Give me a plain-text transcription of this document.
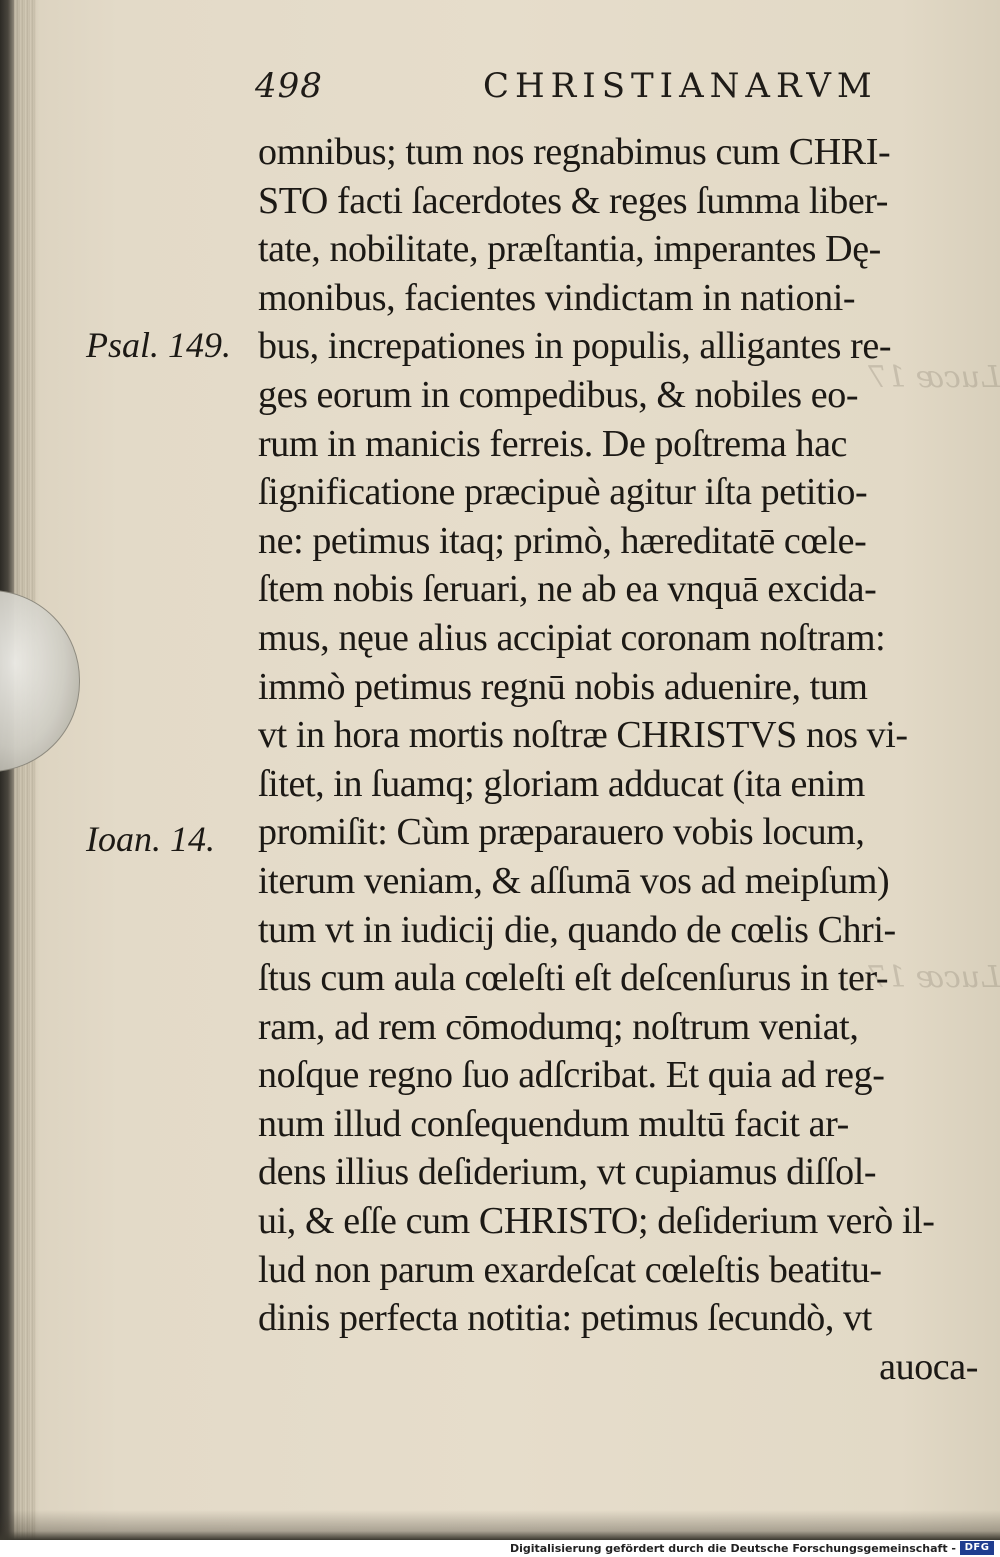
Lucæ 17
Lucæ 17
498	CHRISTIANARVM
Psal. 149.
Ioan. 14.
omnibus; tum nos regnabimus cum CHRI-
STO facti ſacerdotes & reges ſumma liber-
tate, nobilitate, præſtantia, imperantes Dę-
monibus, facientes vindictam in nationi-
bus, increpationes in populis, alligantes re-
ges eorum in compedibus, & nobiles eo-
rum in manicis ferreis. De poſtrema hac
ſignificatione præcipuè agitur iſta petitio-
ne: petimus itaq; primò, hæreditatē cœle-
ſtem nobis ſeruari, ne ab ea vnquā excida-
mus, nęue alius accipiat coronam noſtram:
immò petimus regnū nobis aduenire, tum
vt in hora mortis noſtræ CHRISTVS nos vi-
ſitet, in ſuamq; gloriam adducat (ita enim
promiſit: Cùm præparauero vobis locum,
iterum veniam, & aſſumā vos ad meipſum)
tum vt in iudicij die, quando de cœlis Chri-
ſtus cum aula cœleſti eſt deſcenſurus in ter-
ram, ad rem cōmodumq; noſtrum veniat,
noſque regno ſuo adſcribat. Et quia ad reg-
num illud conſequendum multū facit ar-
dens illius deſiderium, vt cupiamus diſſol-
ui, & eſſe cum CHRISTO; deſiderium verò il-
lud non parum exardeſcat cœleſtis beatitu-
dinis perfecta notitia: petimus ſecundò, vt
auoca-
Digitalisierung gefördert durch die Deutsche Forschungsgemeinschaft - DFG
